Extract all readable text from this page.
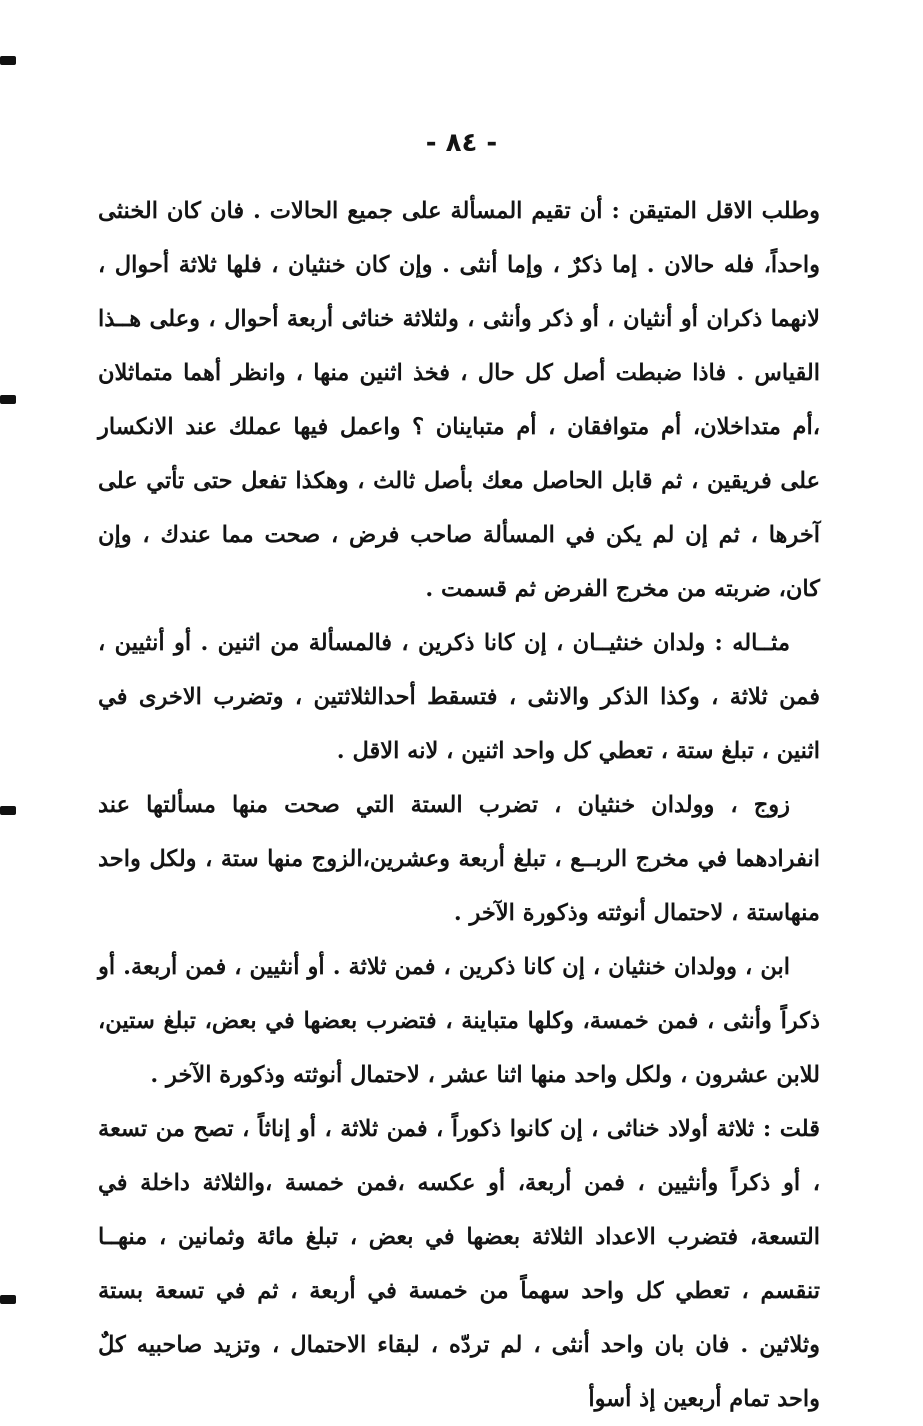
- ٨٤ -

وطلب الاقل المتيقن : أن تقيم المسألة على جميع الحالات . فان كان الخنثى واحداً، فله حالان . إما ذكرٌ ، وإما أنثى . وإن كان خنثيان ، فلها ثلاثة أحوال ، لانهما ذكران أو أنثيان ، أو ذكر وأنثى ، ولثلاثة خناثى أربعة أحوال ، وعلى هــذا القياس . فاذا ضبطت أصل كل حال ، فخذ اثنين منها ، وانظر أهما متماثلان ،أم متداخلان، أم متوافقان ، أم متباينان ؟ واعمل فيها عملك عند الانكسار على فريقين ، ثم قابل الحاصل معك بأصل ثالث ، وهكذا تفعل حتى تأتي على آخرها ، ثم إن لم يكن في المسألة صاحب فرض ، صحت مما عندك ، وإن كان، ضربته من مخرج الفرض ثم قسمت .

مثــاله : ولدان خنثيــان ، إن كانا ذكرين ، فالمسألة من اثنين . أو أنثيين ، فمن ثلاثة ، وكذا الذكر والانثى ، فتسقط أحدالثلاثتين ، وتضرب الاخرى في اثنين ، تبلغ ستة ، تعطي كل واحد اثنين ، لانه الاقل .

زوج ، وولدان خنثيان ، تضرب الستة التي صحت منها مسألتها عند انفرادهما في مخرج الربــع ، تبلغ أربعة وعشرين،الزوج منها ستة ، ولكل واحد منهاستة ، لاحتمال أنوثته وذكورة الآخر .

ابن ، وولدان خنثيان ، إن كانا ذكرين ، فمن ثلاثة . أو أنثيين ، فمن أربعة. أو ذكراً وأنثى ، فمن خمسة، وكلها متباينة ، فتضرب بعضها في بعض، تبلغ ستين، للابن عشرون ، ولكل واحد منها اثنا عشر ، لاحتمال أنوثته وذكورة الآخر .

قلت : ثلاثة أولاد خناثى ، إن كانوا ذكوراً ، فمن ثلاثة ، أو إناثاً ، تصح من تسعة ، أو ذكراً وأنثيين ، فمن أربعة، أو عكسه ،فمن خمسة ،والثلاثة داخلة في التسعة، فتضرب الاعداد الثلاثة بعضها في بعض ، تبلغ مائة وثمانين ، منهــا تنقسم ، تعطي كل واحد سهماً من خمسة في أربعة ، ثم في تسعة بستة وثلاثين . فان بان واحد أنثى ، لم تردّه ، لبقاء الاحتمال ، وتزيد صاحبيه كلٌ واحد تمام أربعين إذ أسوأ
